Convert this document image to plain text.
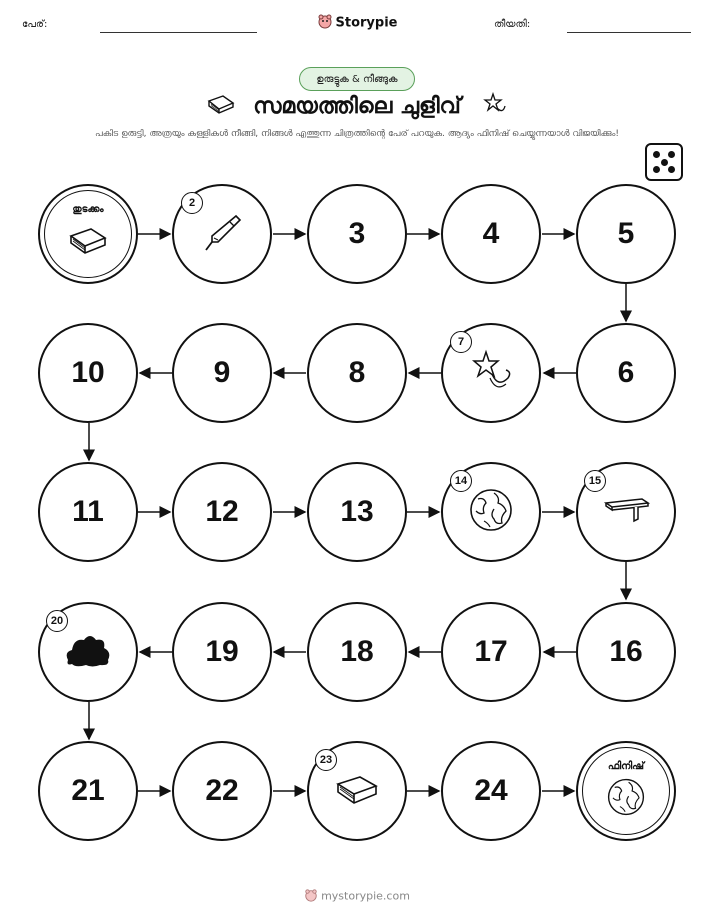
പേര്:	Storypie	തീയതി:
ഉരുട്ടുക & നീങ്ങുക
സമയത്തിലെ ചുളിവ്
പകിട ഉരുട്ടി, അത്രയും കള്ളികൾ നീങ്ങി, നിങ്ങൾ എത്തുന്ന ചിത്രത്തിന്റെ പേര് പറയുക. ആദ്യം ഫിനിഷ് ചെയ്യുന്നയാൾ വിജയിക്കും!
തുടക്കം
2
3	4	5
10	9	8
7
6
11	12	13
14	15
20
19	18	17	16
21	22
23
24
ഫിനിഷ്
mystorypie.com
